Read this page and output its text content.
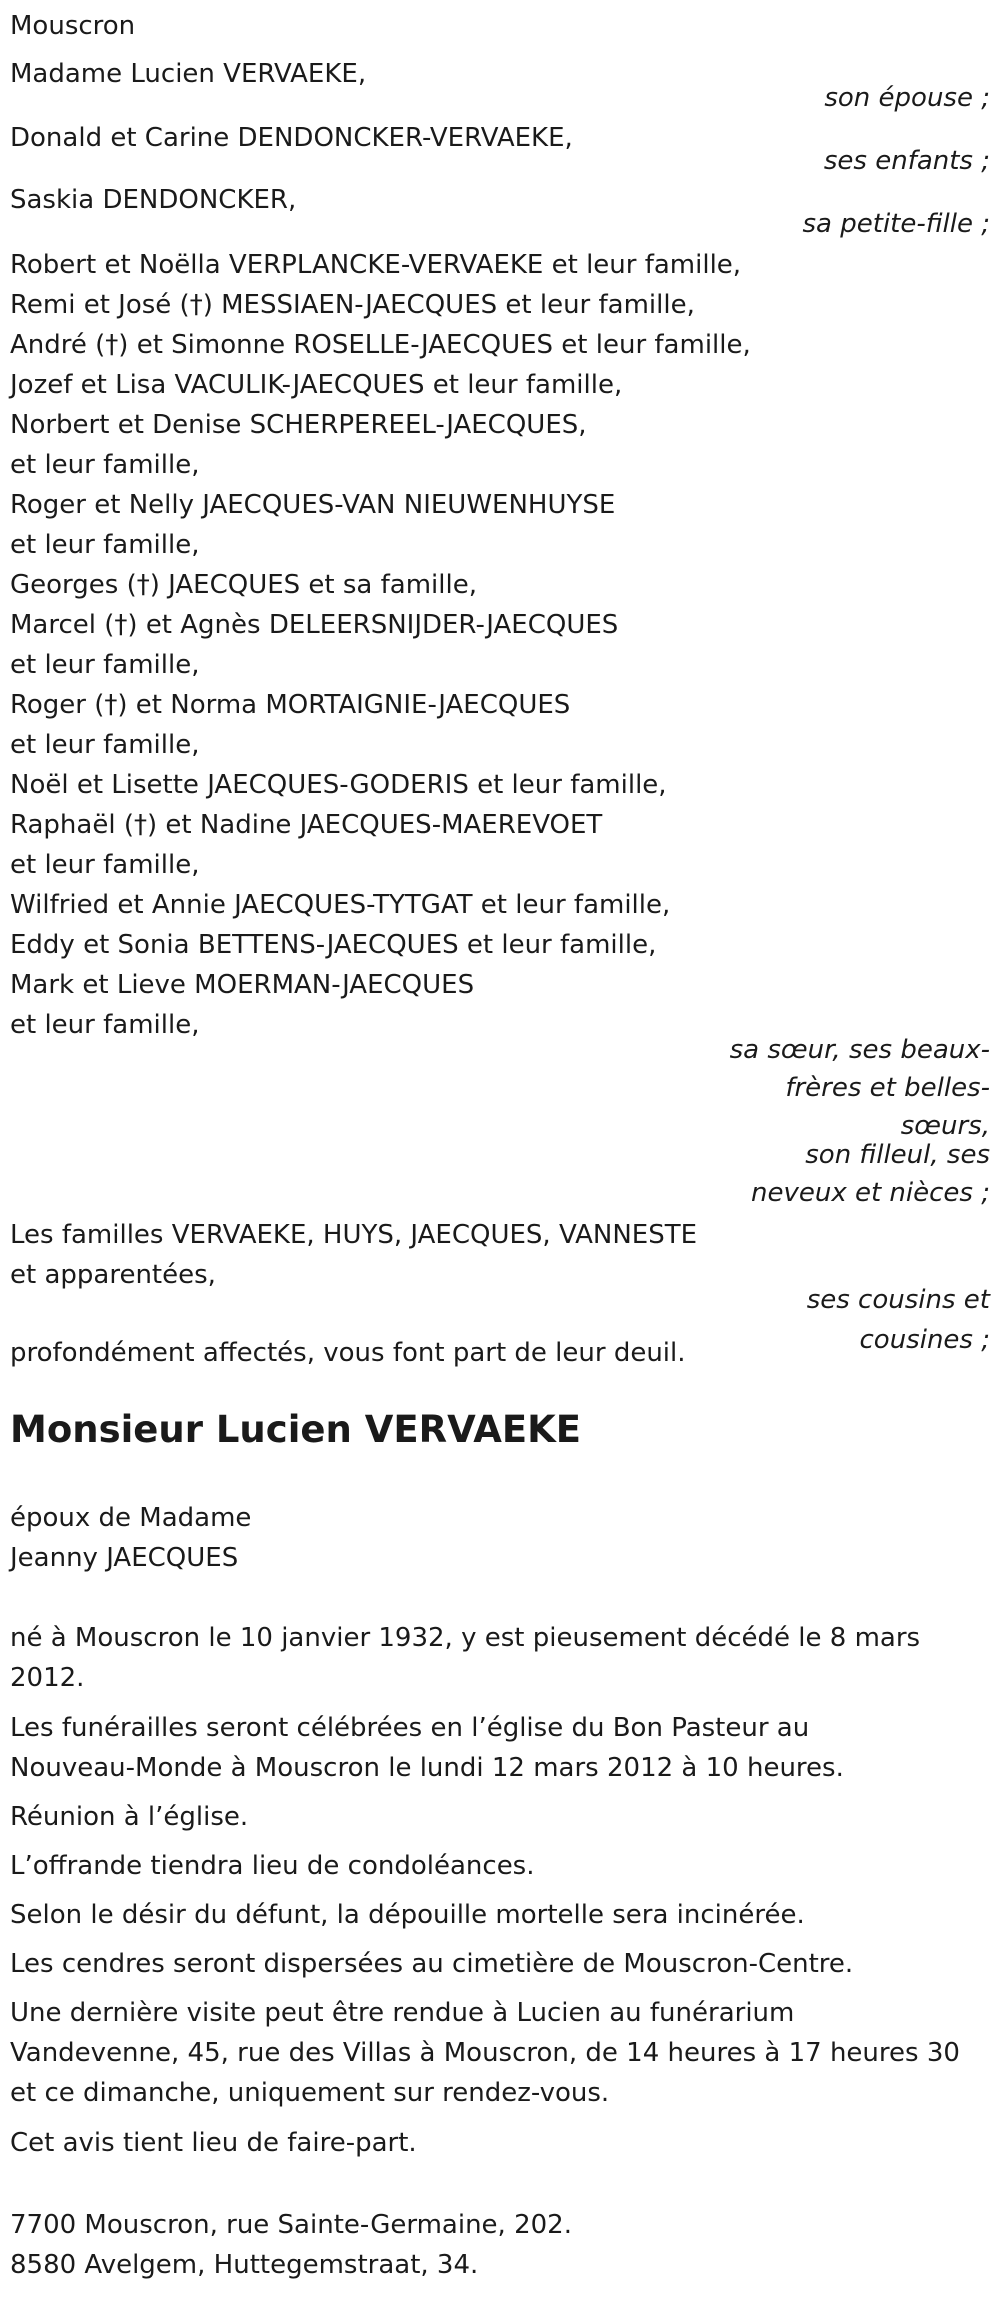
Mouscron

Madame Lucien VERVAEKE,

son épouse ;

Donald et Carine DENDONCKER-VERVAEKE,

ses enfants ;

Saskia DENDONCKER,

sa petite-fille ;

Robert et Noëlla VERPLANCKE-VERVAEKE et leur famille,

Remi et José (†) MESSIAEN-JAECQUES et leur famille,

André (†) et Simonne ROSELLE-JAECQUES et leur famille,

Jozef et Lisa VACULIK-JAECQUES et leur famille,

Norbert et Denise SCHERPEREEL-JAECQUES,

et leur famille,

Roger et Nelly JAECQUES-VAN NIEUWENHUYSE

et leur famille,

Georges (†) JAECQUES et sa famille,

Marcel (†) et Agnès DELEERSNIJDER-JAECQUES

et leur famille,

Roger (†) et Norma MORTAIGNIE-JAECQUES

et leur famille,

Noël et Lisette JAECQUES-GODERIS et leur famille,

Raphaël (†) et Nadine JAECQUES-MAEREVOET

et leur famille,

Wilfried et Annie JAECQUES-TYTGAT et leur famille,

Eddy et Sonia BETTENS-JAECQUES et leur famille,

Mark et Lieve MOERMAN-JAECQUES

et leur famille,

sa sœur, ses beaux-

frères et belles-

sœurs,

son filleul, ses

neveux et nièces ;

Les familles VERVAEKE, HUYS, JAECQUES, VANNESTE

et apparentées,

ses cousins et

cousines ;

profondément affectés, vous font part de leur deuil.

Monsieur Lucien VERVAEKE

époux de Madame

Jeanny JAECQUES

né à Mouscron le 10 janvier 1932, y est pieusement décédé le 8 mars

2012.

Les funérailles seront célébrées en l’église du Bon Pasteur au

Nouveau-Monde à Mouscron le lundi 12 mars 2012 à 10 heures.

Réunion à l’église.

L’offrande tiendra lieu de condoléances.

Selon le désir du défunt, la dépouille mortelle sera incinérée.

Les cendres seront dispersées au cimetière de Mouscron-Centre.

Une dernière visite peut être rendue à Lucien au funérarium

Vandevenne, 45, rue des Villas à Mouscron, de 14 heures à 17 heures 30

et ce dimanche, uniquement sur rendez-vous.

Cet avis tient lieu de faire-part.

7700 Mouscron, rue Sainte-Germaine, 202.

8580 Avelgem, Huttegemstraat, 34.
